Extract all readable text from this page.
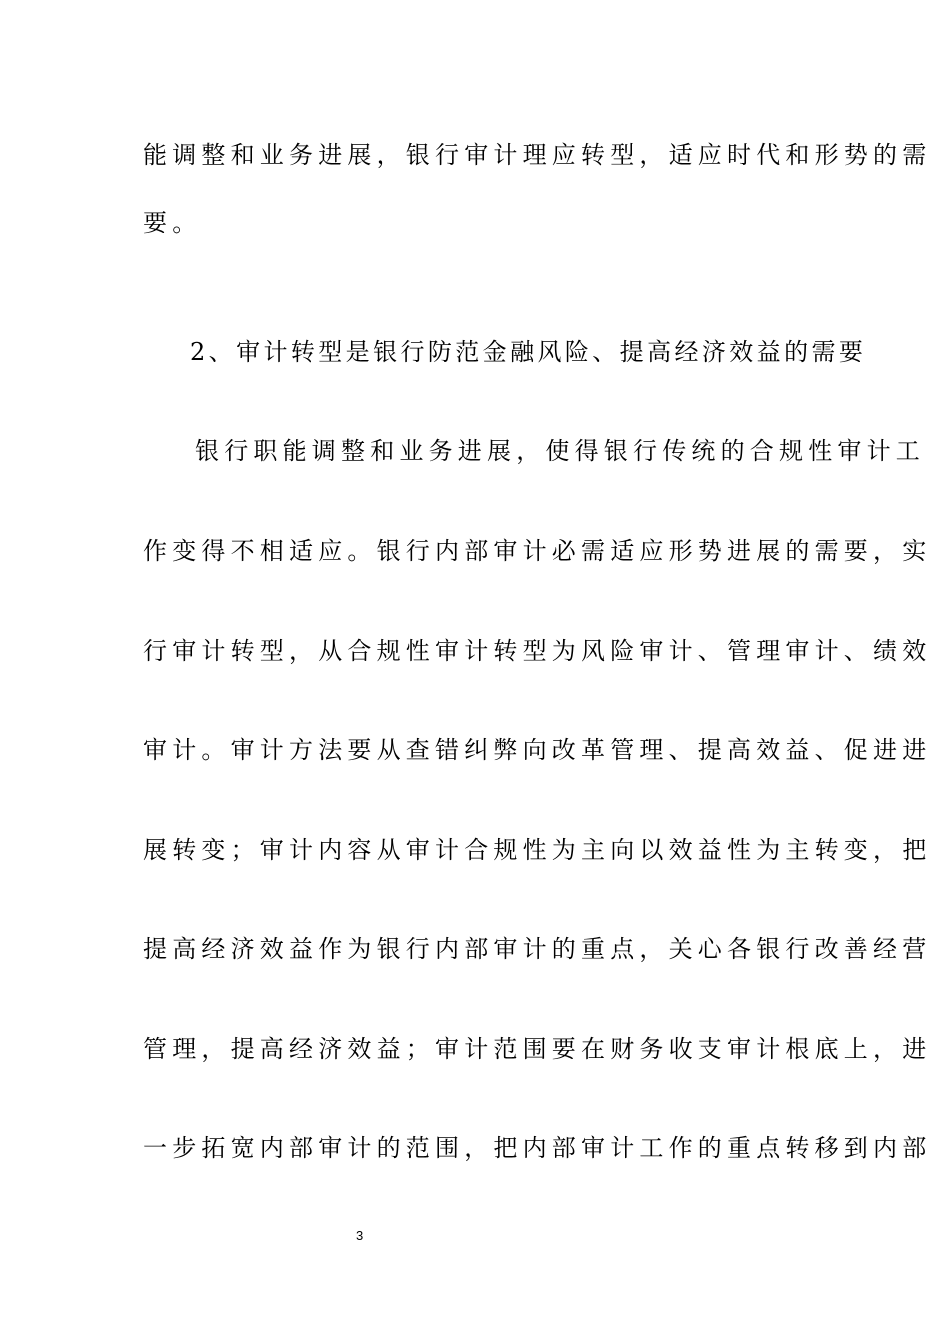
能调整和业务进展，银行审计理应转型，适应时代和形势的需
要。
2、审计转型是银行防范金融风险、提高经济效益的需要
银行职能调整和业务进展，使得银行传统的合规性审计工
作变得不相适应。银行内部审计必需适应形势进展的需要，实
行审计转型，从合规性审计转型为风险审计、管理审计、绩效
审计。审计方法要从查错纠弊向改革管理、提高效益、促进进
展转变；审计内容从审计合规性为主向以效益性为主转变，把
提高经济效益作为银行内部审计的重点，关心各银行改善经营
管理，提高经济效益；审计范围要在财务收支审计根底上，进
一步拓宽内部审计的范围，把内部审计工作的重点转移到内部
3
